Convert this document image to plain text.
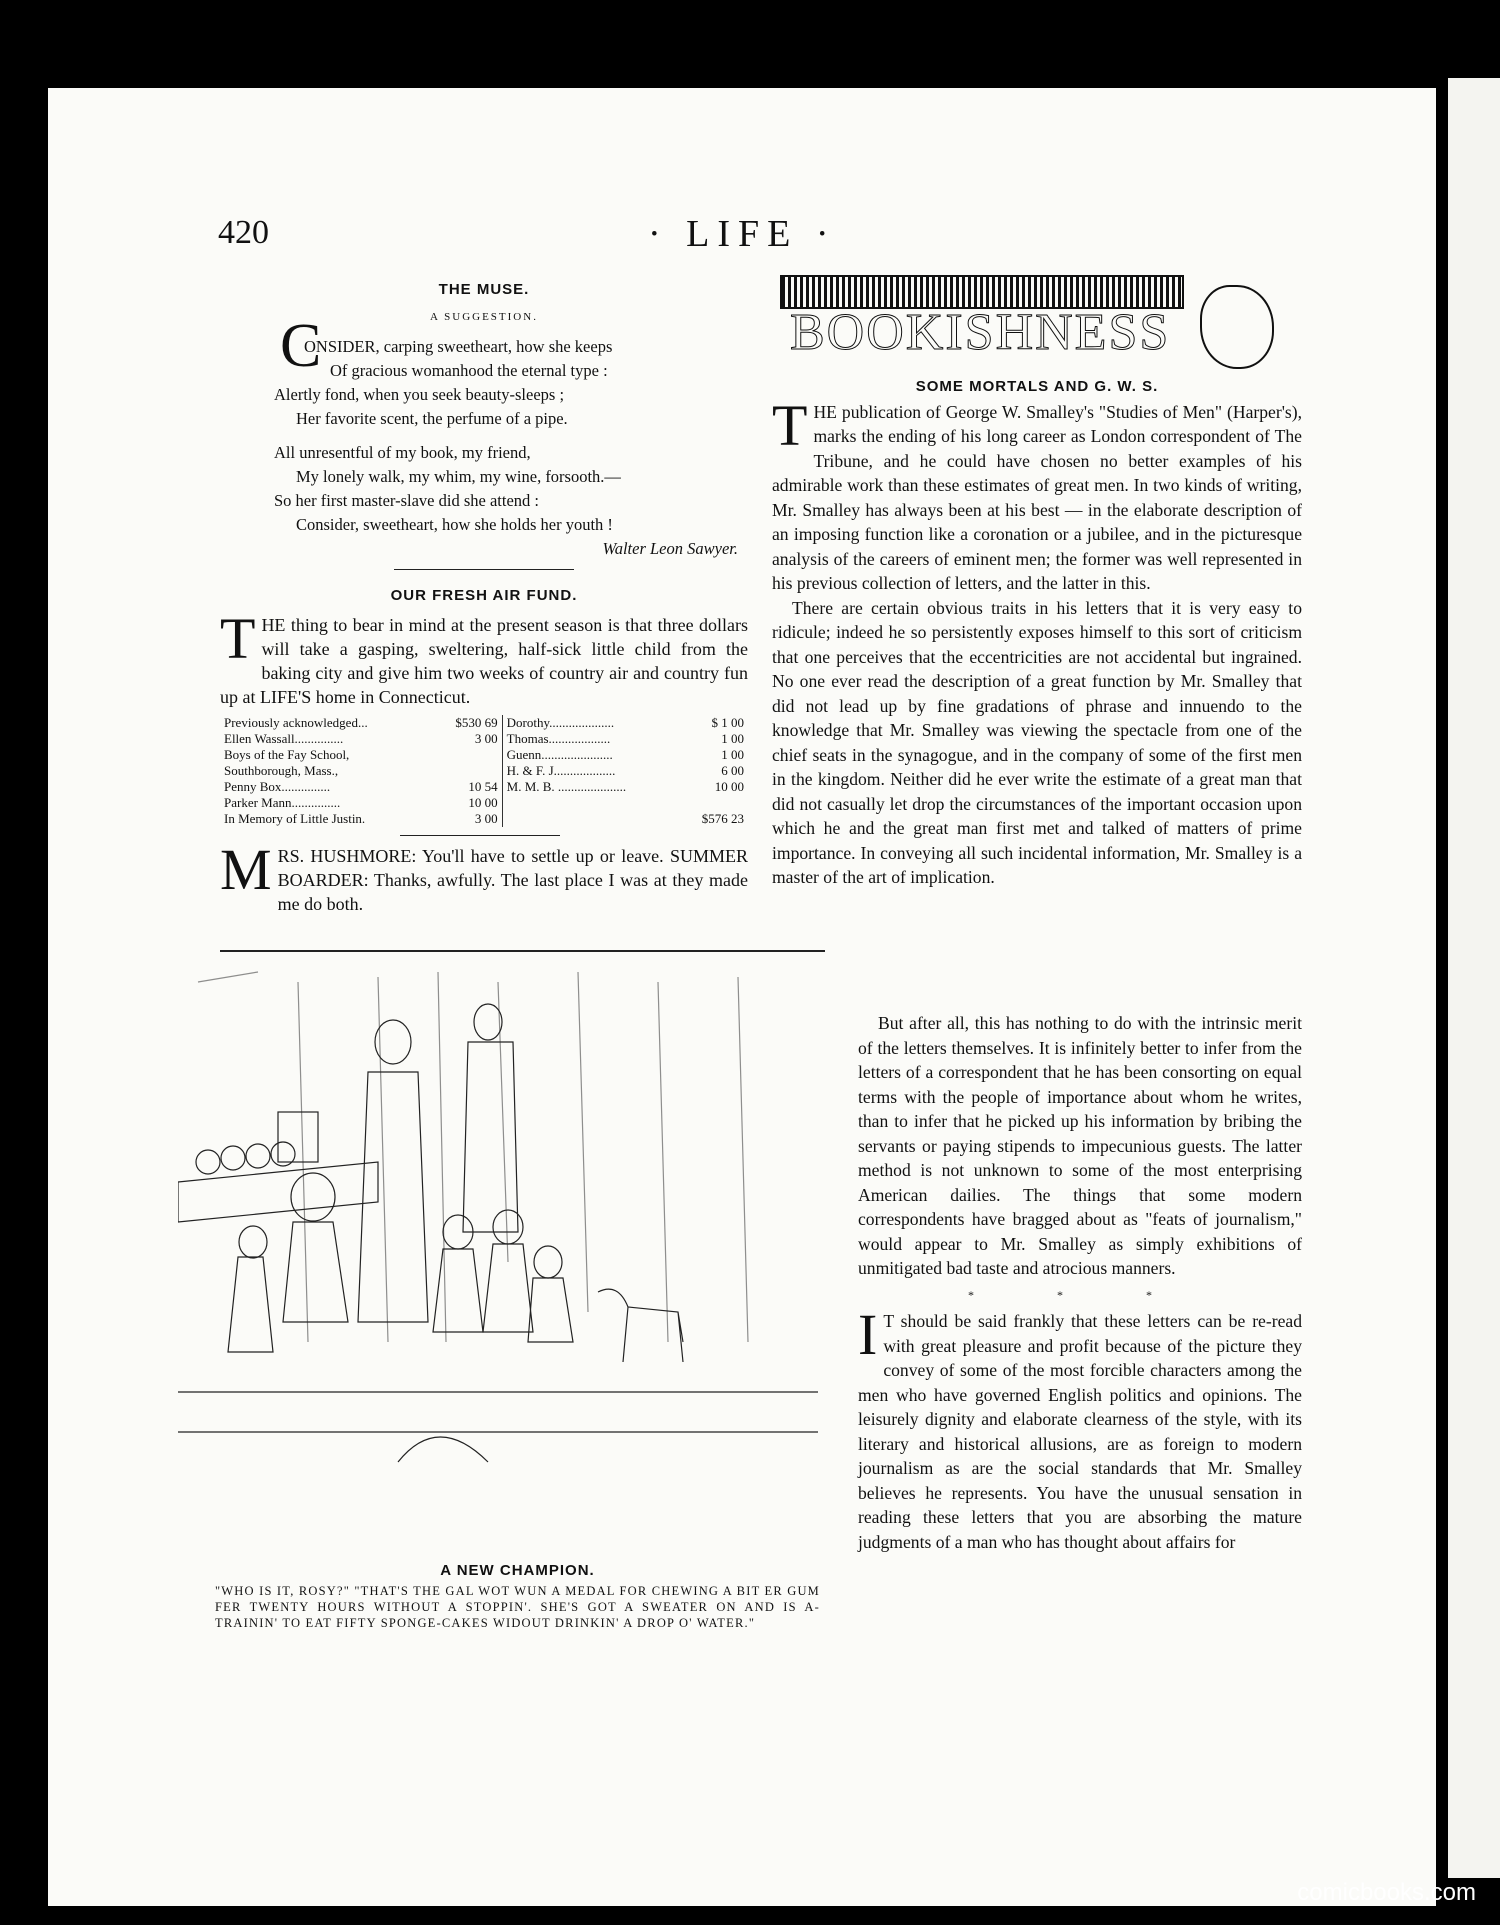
420	· LIFE ·
THE MUSE.
A SUGGESTION.
C
ONSIDER, carping sweetheart, how she keeps
Of gracious womanhood the eternal type :
Alertly fond, when you seek beauty-sleeps ;
Her favorite scent, the perfume of a pipe.
All unresentful of my book, my friend,
My lonely walk, my whim, my wine, forsooth.—
So her first master-slave did she attend :
Consider, sweetheart, how she holds her youth !
Walter Leon Sawyer.
OUR FRESH AIR FUND.

THE thing to bear in mind at the present season is that three dollars will take a gasping, sweltering, half-sick little child from the baking city and give him two weeks of country air and country fun up at LIFE'S home in Connecticut.

Previously acknowledged...	$530 69	Dorothy....................	$ 1 00
Ellen Wassall...............	3 00	Thomas...................	1 00
Boys of the Fay School,		Guenn......................	1 00
Southborough, Mass.,		H. & F. J...................	6 00
Penny Box...............	10 54	M. M. B. .....................	10 00
Parker Mann...............	10 00		
In Memory of Little Justin.	3 00		$576 23

MRS. HUSHMORE: You'll have to settle up or leave. SUMMER BOARDER: Thanks, awfully. The last place I was at they made me do both.

A NEW CHAMPION.
"WHO IS IT, ROSY?" "THAT'S THE GAL WOT WUN A MEDAL FOR CHEWING A BIT ER GUM FER TWENTY HOURS WITHOUT A STOPPIN'. SHE'S GOT A SWEATER ON AND IS A-TRAININ' TO EAT FIFTY SPONGE-CAKES WIDOUT DRINKIN' A DROP O' WATER."
BOOKISHNESS
SOME MORTALS AND G. W. S.

THE publication of George W. Smalley's "Studies of Men" (Harper's), marks the ending of his long career as London correspondent of The Tribune, and he could have chosen no better examples of his admirable work than these estimates of great men. In two kinds of writing, Mr. Smalley has always been at his best — in the elaborate description of an imposing function like a coronation or a jubilee, and in the picturesque analysis of the careers of eminent men; the former was well represented in his previous collection of letters, and the latter in this.

There are certain obvious traits in his letters that it is very easy to ridicule; indeed he so persistently exposes himself to this sort of criticism that one perceives that the eccentricities are not accidental but ingrained. No one ever read the description of a great function by Mr. Smalley that did not lead up by fine gradations of phrase and innuendo to the knowledge that Mr. Smalley was viewing the spectacle from one of the chief seats in the synagogue, and in the company of some of the first men in the kingdom. Neither did he ever write the estimate of a great man that did not casually let drop the circumstances of the important occasion upon which he and the great man first met and talked of matters of prime importance. In conveying all such incidental information, Mr. Smalley is a master of the art of implication.

But after all, this has nothing to do with the intrinsic merit of the letters themselves. It is infinitely better to infer from the letters of a correspondent that he has been consorting on equal terms with the people of importance about whom he writes, than to infer that he picked up his information by bribing the servants or paying stipends to impecunious guests. The latter method is not unknown to some of the most enterprising American dailies. The things that some modern correspondents have bragged about as "feats of journalism," would appear to Mr. Smalley as simply exhibitions of unmitigated bad taste and atrocious manners.

* * *

I T should be said frankly that these letters can be re-read with great pleasure and profit because of the picture they convey of some of the most forcible characters among the men who have governed English politics and opinions. The leisurely dignity and elaborate clearness of the style, with its literary and historical allusions, are as foreign to modern journalism as are the social standards that Mr. Smalley believes he represents. You have the unusual sensation in reading these letters that you are absorbing the mature judgments of a man who has thought about affairs for

comicbooks.com
